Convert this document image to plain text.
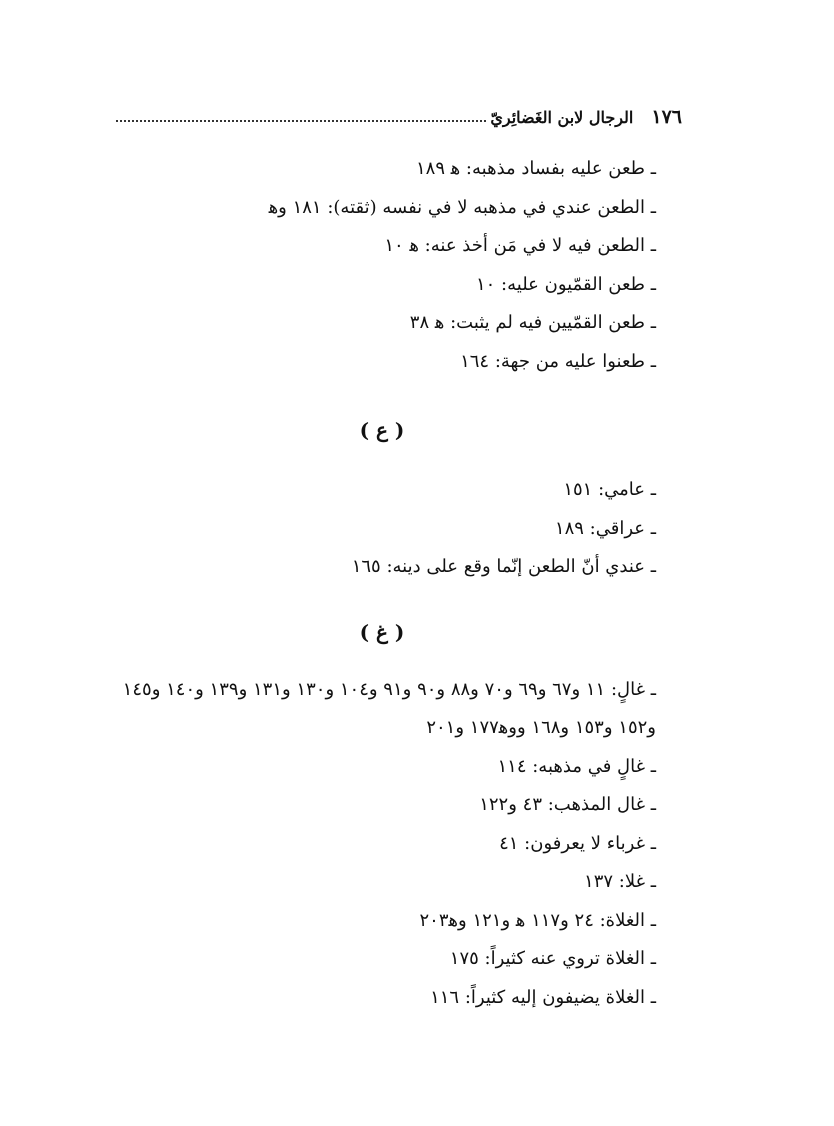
١٧٦
الرجال لابن الغَضائِريّ

ـ طعن عليه بفساد مذهبه: ه‍ ١٨٩

ـ الطعن عندي في مذهبه لا في نفسه (ثقته): ١٨١ وه‍

ـ الطعن فيه لا في مَن أخذ عنه: ه‍ ١٠

ـ طعن القمّيون عليه: ١٠

ـ طعن القمّيين فيه لم يثبت: ه‍ ٣٨

ـ طعنوا عليه من جهة: ١٦٤

( ع )

ـ عامي: ١٥١

ـ عراقي: ١٨٩

ـ عندي أنّ الطعن إنّما وقع على دينه: ١٦٥

( غ )

ـ غالٍ: ١١ و٦٧ و٦٩ و٧٠ و٨٨ و٩٠ و٩١ و١٠٤ و١٣٠ و١٣١ و١٣٩ و١٤٠ و١٤٥ و١٥٢ و١٥٣ و١٦٨ ووه‍١٧٧ و٢٠١

ـ غالٍ في مذهبه: ١١٤

ـ غال المذهب: ٤٣ و١٢٢

ـ غرباء لا يعرفون: ٤١

ـ غلا: ١٣٧

ـ الغلاة: ٢٤ و١١٧ ه‍ و١٢١ وه‍٢٠٣

ـ الغلاة تروي عنه كثيراً: ١٧٥

ـ الغلاة يضيفون إليه كثيراً: ١١٦
